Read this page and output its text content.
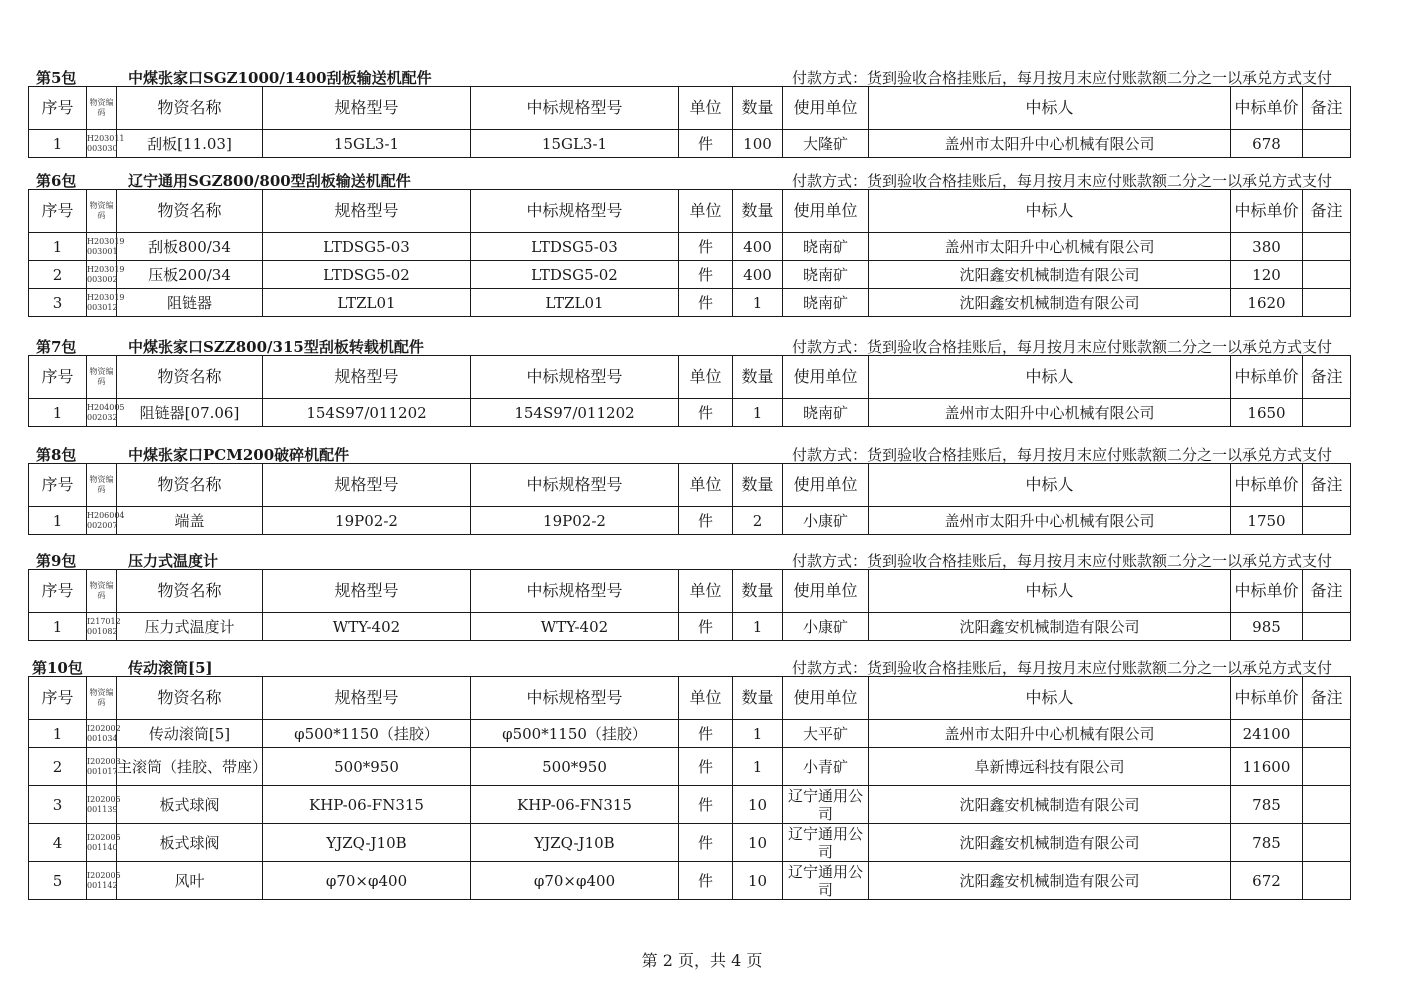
第5包	中煤张家口SGZ1000/1400刮板输送机配件	付款方式：货到验收合格挂账后，每月按月末应付账款额二分之一以承兑方式支付
序号	物资编码	物资名称	规格型号	中标规格型号	单位	数量	使用单位	中标人	中标单价	备注
1	H203011 003030	刮板[11.03]	15GL3-1	15GL3-1	件	100	大隆矿	盖州市太阳升中心机械有限公司	678	
第6包	辽宁通用SGZ800/800型刮板输送机配件	付款方式：货到验收合格挂账后，每月按月末应付账款额二分之一以承兑方式支付
序号	物资编码	物资名称	规格型号	中标规格型号	单位	数量	使用单位	中标人	中标单价	备注
1	H203019 003001	刮板800/34	LTDSG5-03	LTDSG5-03	件	400	晓南矿	盖州市太阳升中心机械有限公司	380	
2	H203019 003002	压板200/34	LTDSG5-02	LTDSG5-02	件	400	晓南矿	沈阳鑫安机械制造有限公司	120	
3	H203019 003012	阻链器	LTZL01	LTZL01	件	1	晓南矿	沈阳鑫安机械制造有限公司	1620	
第7包	中煤张家口SZZ800/315型刮板转载机配件	付款方式：货到验收合格挂账后，每月按月末应付账款额二分之一以承兑方式支付
序号	物资编码	物资名称	规格型号	中标规格型号	单位	数量	使用单位	中标人	中标单价	备注
1	H204005 002032	阻链器[07.06]	154S97/011202	154S97/011202	件	1	晓南矿	盖州市太阳升中心机械有限公司	1650	
第8包	中煤张家口PCM200破碎机配件	付款方式：货到验收合格挂账后，每月按月末应付账款额二分之一以承兑方式支付
序号	物资编码	物资名称	规格型号	中标规格型号	单位	数量	使用单位	中标人	中标单价	备注
1	H206004 002007	端盖	19P02-2	19P02-2	件	2	小康矿	盖州市太阳升中心机械有限公司	1750	
第9包	压力式温度计	付款方式：货到验收合格挂账后，每月按月末应付账款额二分之一以承兑方式支付
序号	物资编码	物资名称	规格型号	中标规格型号	单位	数量	使用单位	中标人	中标单价	备注
1	I217012 001082	压力式温度计	WTY-402	WTY-402	件	1	小康矿	沈阳鑫安机械制造有限公司	985	
第10包	传动滚筒[5]	付款方式：货到验收合格挂账后，每月按月末应付账款额二分之一以承兑方式支付
序号	物资编码	物资名称	规格型号	中标规格型号	单位	数量	使用单位	中标人	中标单价	备注
1	I202002 001034	传动滚筒[5]	φ500*1150（挂胶）	φ500*1150（挂胶）	件	1	大平矿	盖州市太阳升中心机械有限公司	24100	
2	I202003 001017	主滚筒（挂胶、带座）	500*950	500*950	件	1	小青矿	阜新博远科技有限公司	11600	
3	I202005 001139	板式球阀	KHP-06-FN315	KHP-06-FN315	件	10	辽宁通用公司	沈阳鑫安机械制造有限公司	785	
4	I202005 001140	板式球阀	YJZQ-J10B	YJZQ-J10B	件	10	辽宁通用公司	沈阳鑫安机械制造有限公司	785	
5	I202005 001142	风叶	φ70×φ400	φ70×φ400	件	10	辽宁通用公司	沈阳鑫安机械制造有限公司	672	
第 2 页，共 4 页
